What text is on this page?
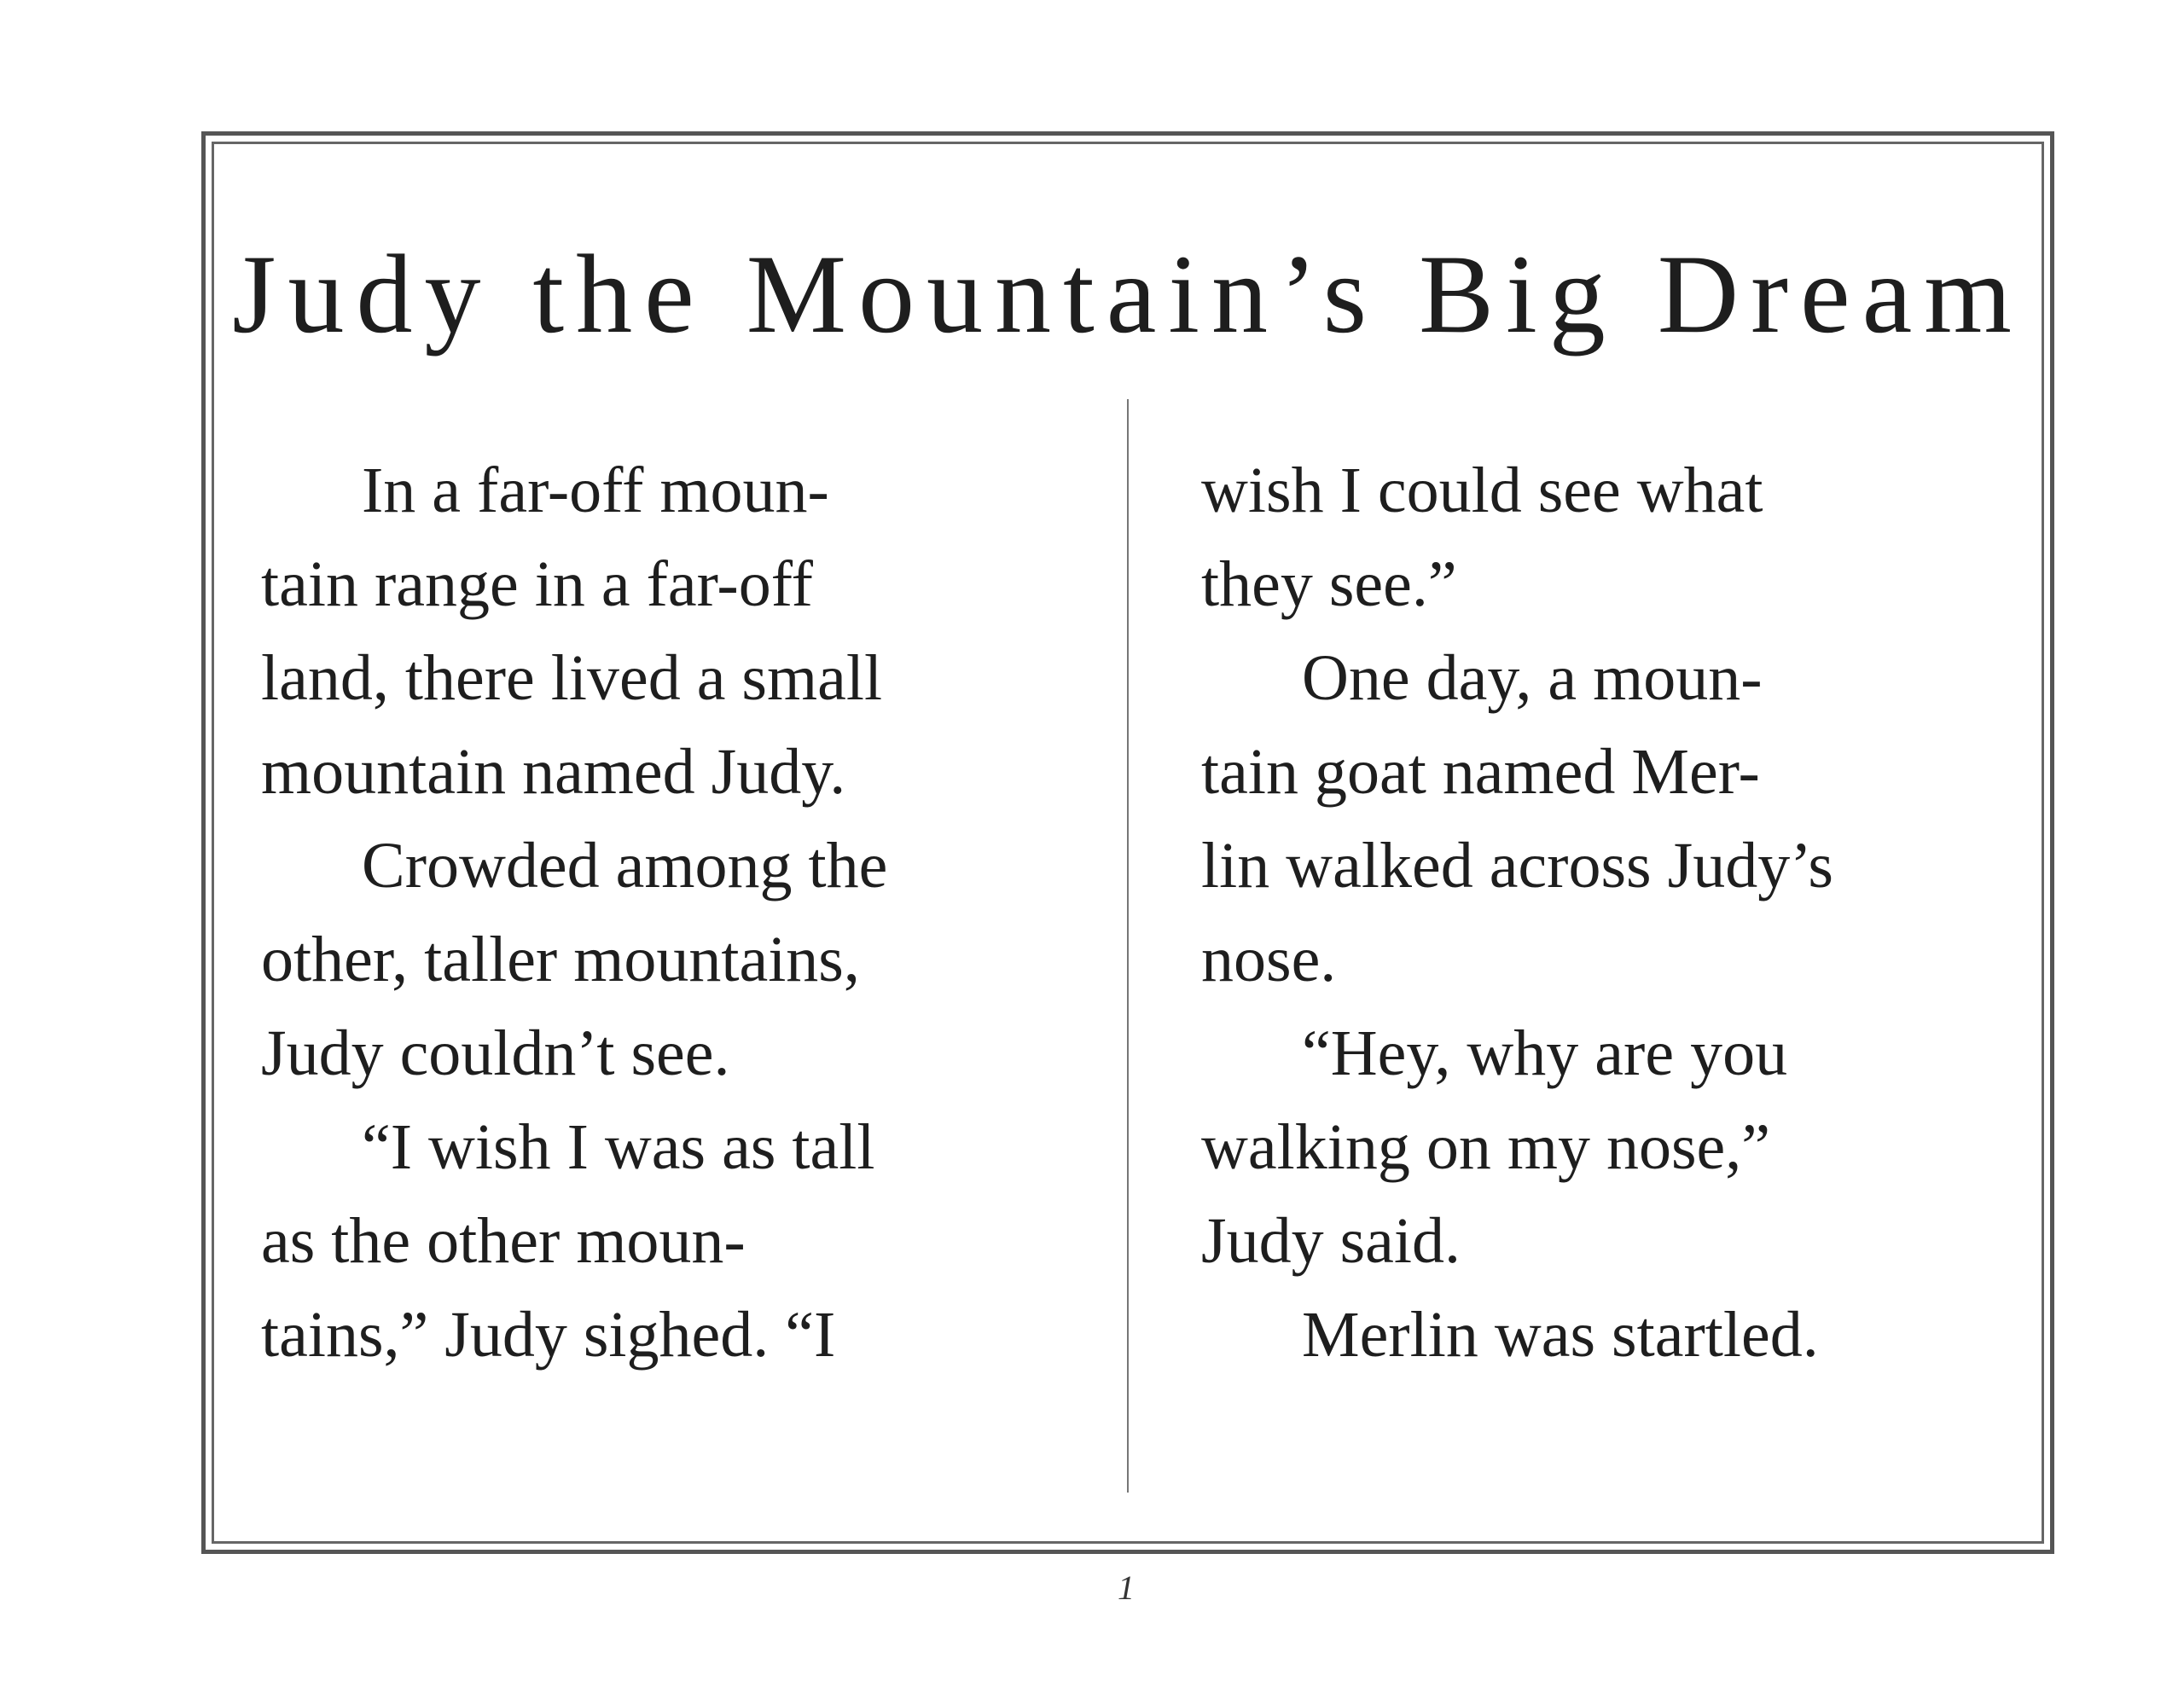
Judy the Mountain’s Big Dream
In a far-off moun-
tain range in a far-off
land, there lived a small
mountain named Judy.
Crowded among the
other, taller mountains,
Judy couldn’t see.
“I wish I was as tall
as the other moun-
tains,” Judy sighed. “I
wish I could see what
they see.”
One day, a moun-
tain goat named Mer-
lin walked across Judy’s
nose.
“Hey, why are you
walking on my nose,”
Judy said.
Merlin was startled.
1
